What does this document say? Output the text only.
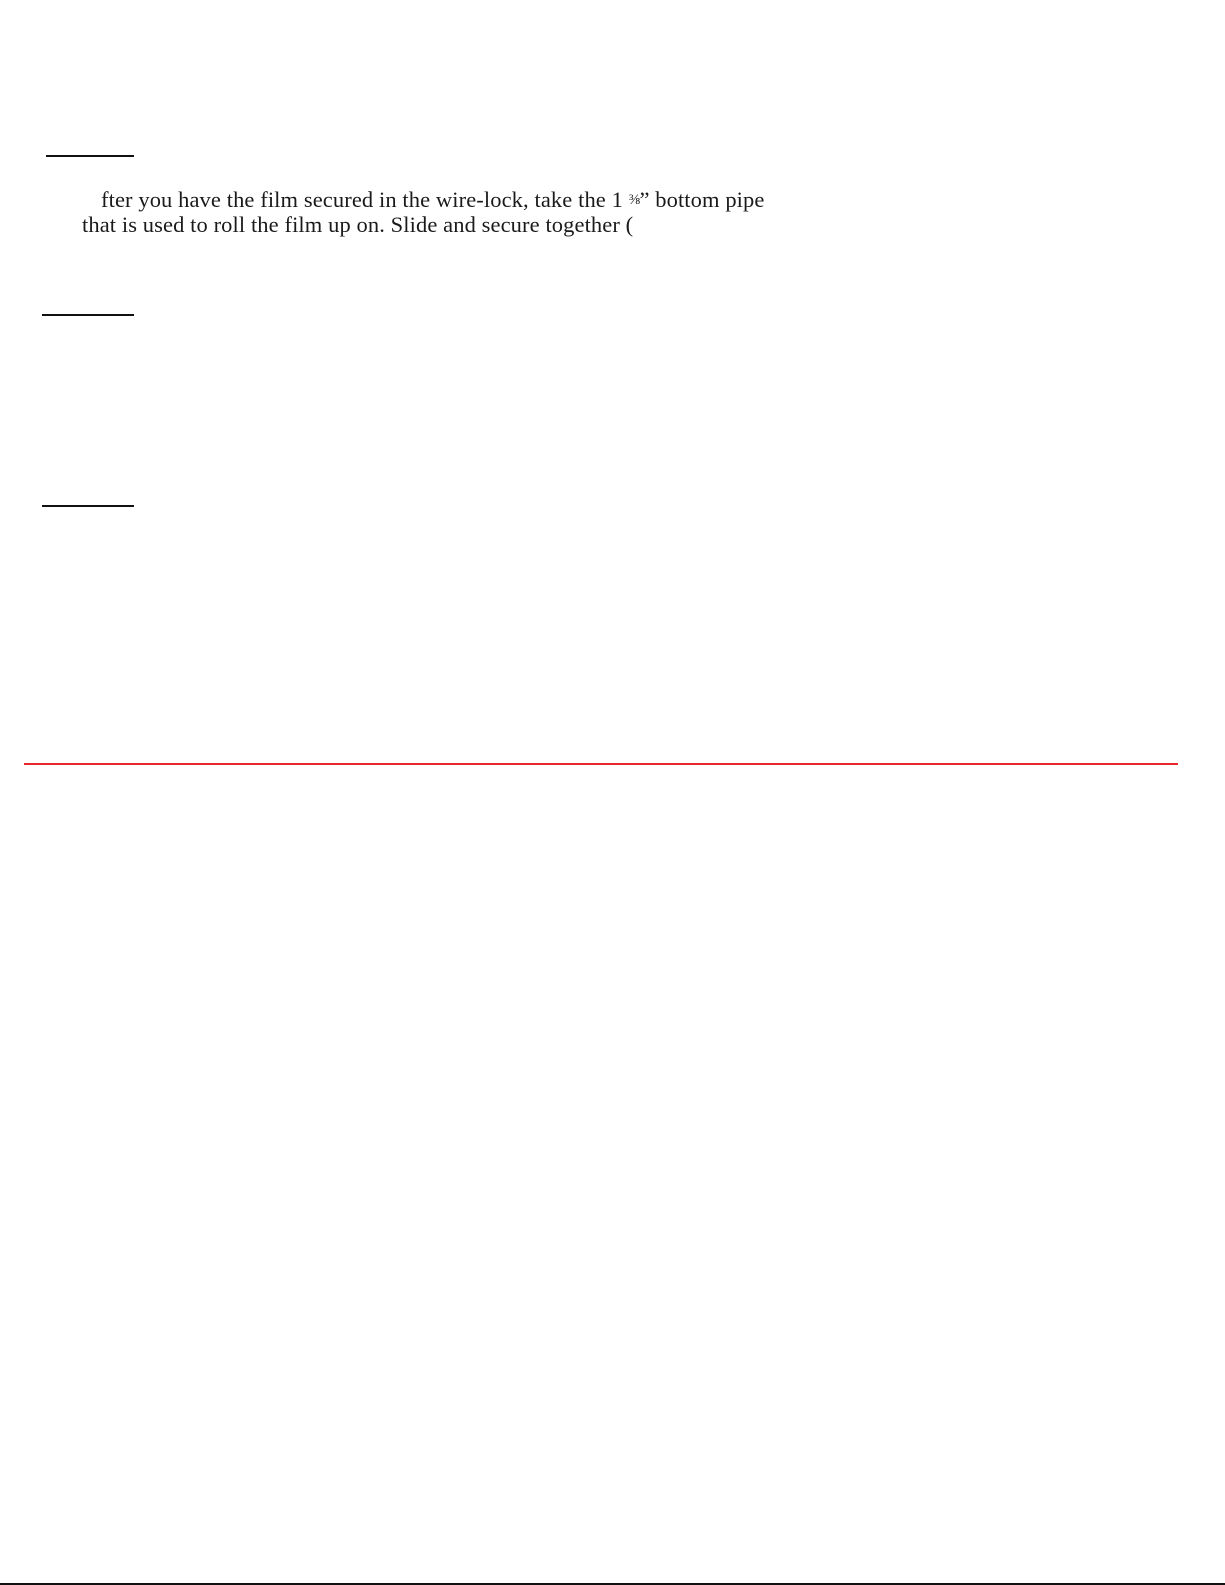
fter you have the film secured in the wire-lock, take the 1 ⅜” bottom pipe
that is used to roll the film up on. Slide and secure together (
